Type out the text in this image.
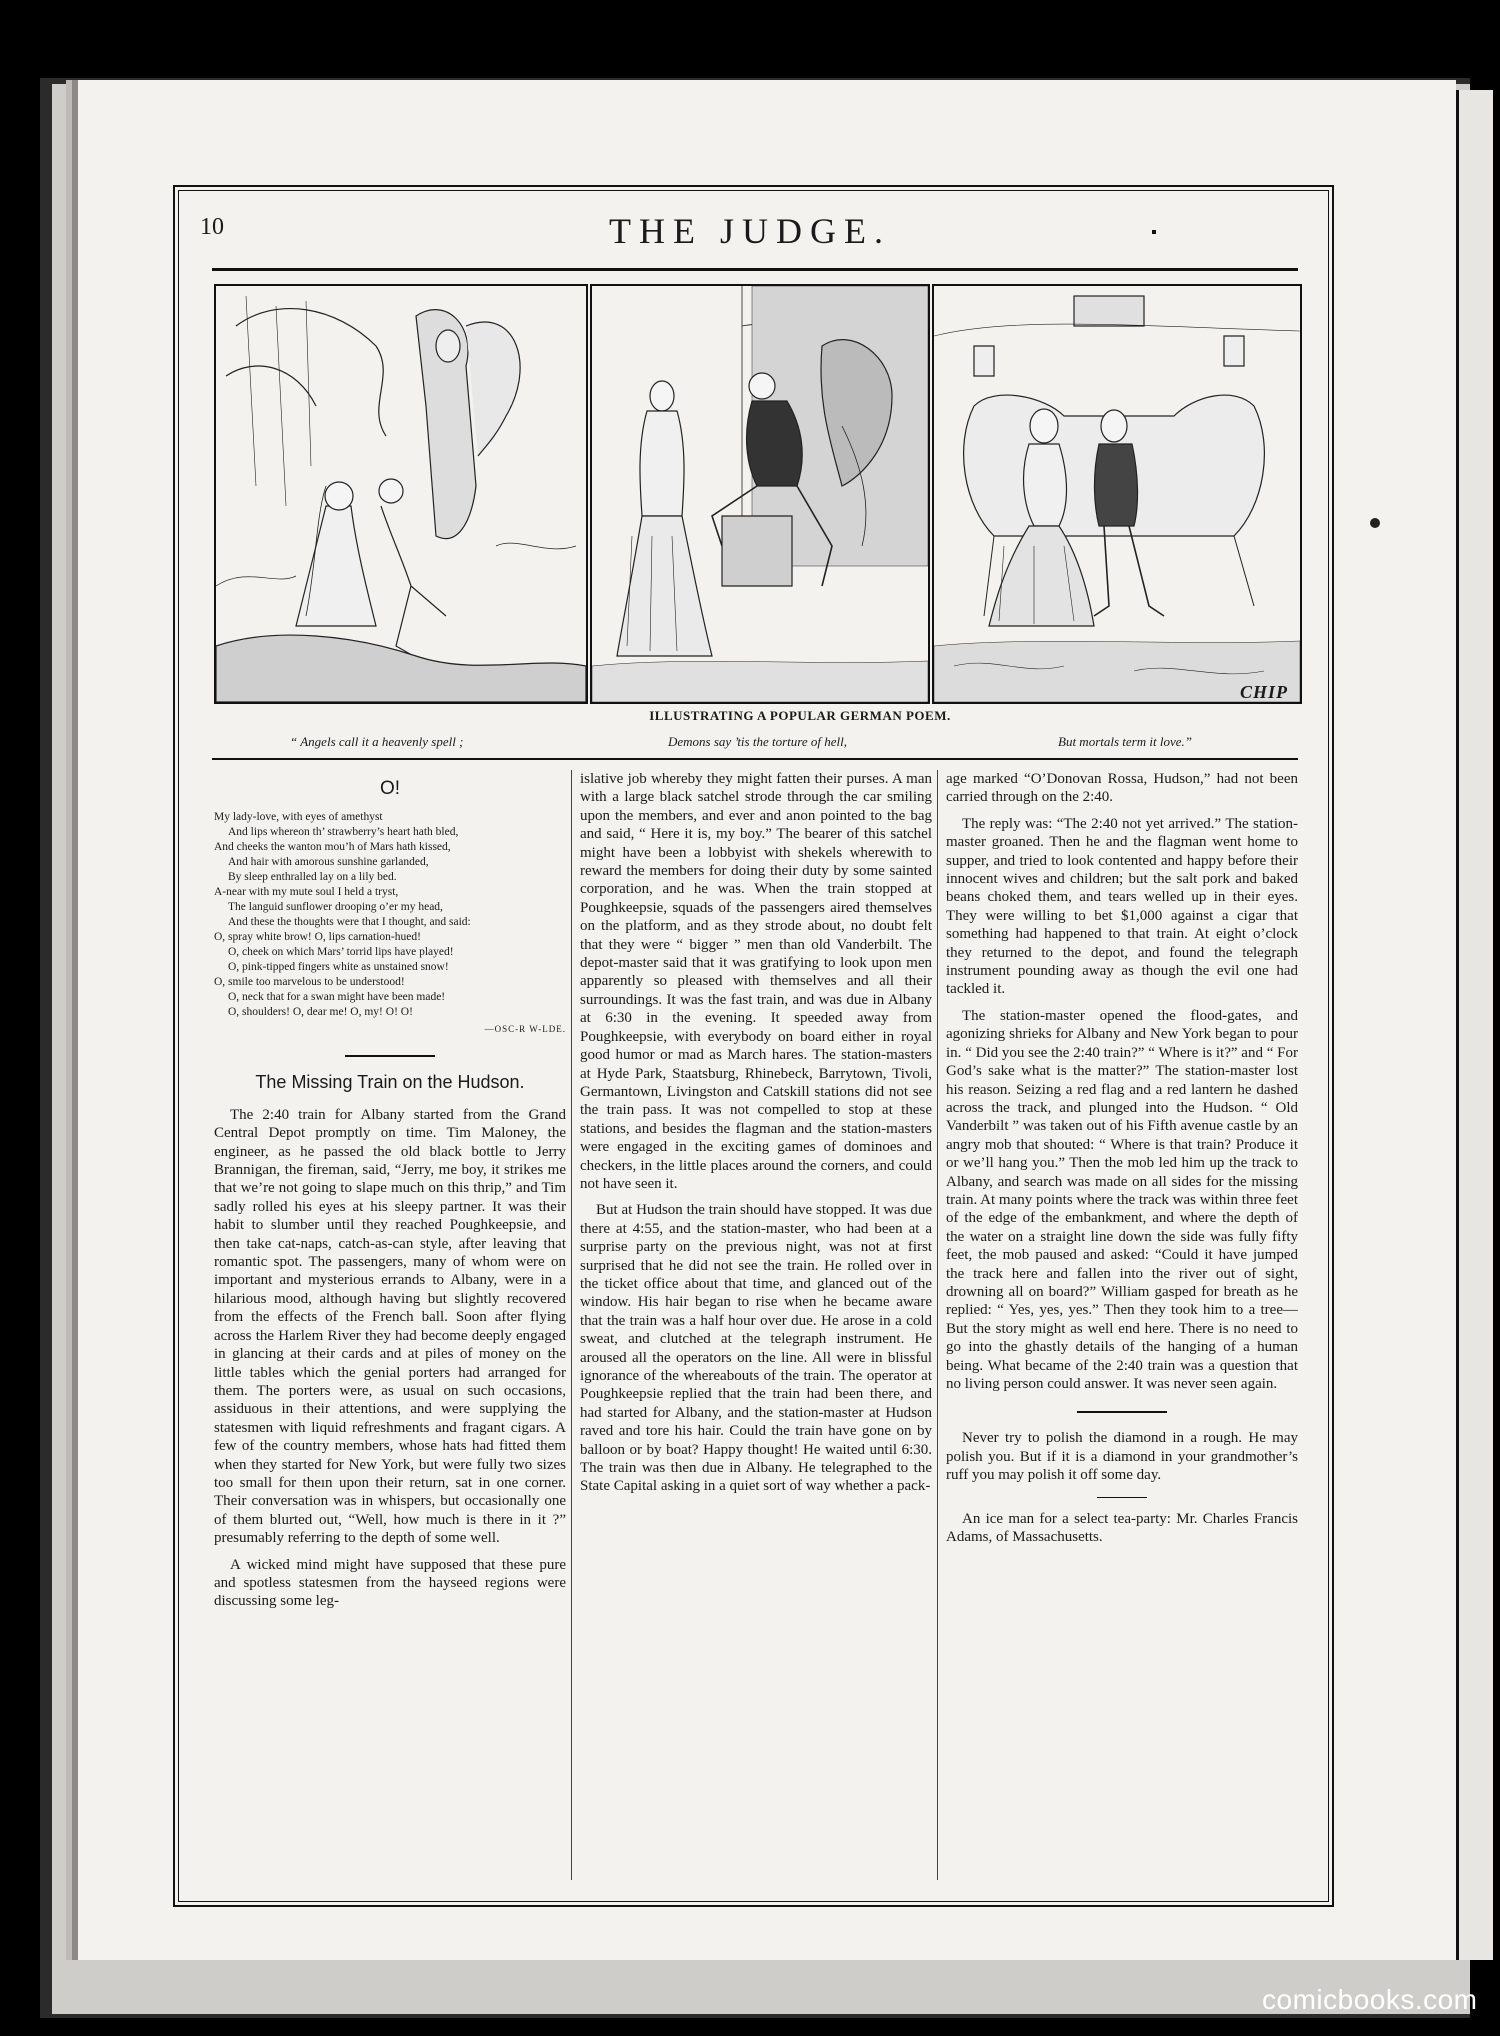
10	THE JUDGE.
CHIP
ILLUSTRATING A POPULAR GERMAN POEM.
“ Angels call it a heavenly spell ;	Demons say ’tis the torture of hell,	But mortals term it love.”
O!
My lady-love, with eyes of amethyst
And lips whereon th’ strawberry’s heart hath bled,
And cheeks the wanton mou’h of Mars hath kissed,
And hair with amorous sunshine garlanded,
By sleep enthralled lay on a lily bed.
A-near with my mute soul I held a tryst,
The languid sunflower drooping o’er my head,
And these the thoughts were that I thought, and said:
O, spray white brow! O, lips carnation-hued!
O, cheek on which Mars’ torrid lips have played!
O, pink-tipped fingers white as unstained snow!
O, smile too marvelous to be understood!
O, neck that for a swan might have been made!
O, shoulders! O, dear me! O, my! O! O!
—OSC-R W-LDE.
The Missing Train on the Hudson.

The 2:40 train for Albany started from the Grand Central Depot promptly on time. Tim Maloney, the engineer, as he passed the old black bottle to Jerry Brannigan, the fireman, said, “Jerry, me boy, it strikes me that we’re not going to slape much on this thrip,” and Tim sadly rolled his eyes at his sleepy partner. It was their habit to slumber until they reached Poughkeepsie, and then take cat-naps, catch-as-can style, after leaving that romantic spot. The passengers, many of whom were on important and mysterious errands to Albany, were in a hilarious mood, although having but slightly recovered from the effects of the French ball. Soon after flying across the Harlem River they had become deeply engaged in glancing at their cards and at piles of money on the little tables which the genial porters had arranged for them. The porters were, as usual on such occasions, assiduous in their attentions, and were supplying the statesmen with liquid refreshments and fragant cigars. A few of the country members, whose hats had fitted them when they started for New York, but were fully two sizes too small for theın upon their return, sat in one corner. Their conversation was in whispers, but occasionally one of them blurted out, “Well, how much is there in it ?” presumably referring to the depth of some well.

A wicked mind might have supposed that these pure and spotless statesmen from the hayseed regions were discussing some leg-

islative job whereby they might fatten their purses. A man with a large black satchel strode through the car smiling upon the members, and ever and anon pointed to the bag and said, “ Here it is, my boy.” The bearer of this satchel might have been a lobbyist with shekels wherewith to reward the members for doing their duty by some sainted corporation, and he was. When the train stopped at Poughkeepsie, squads of the passengers aired themselves on the platform, and as they strode about, no doubt felt that they were “ bigger ” men than old Vanderbilt. The depot-master said that it was gratifying to look upon men apparently so pleased with themselves and all their surroundings. It was the fast train, and was due in Albany at 6:30 in the evening. It speeded away from Poughkeepsie, with everybody on board either in royal good humor or mad as March hares. The station-masters at Hyde Park, Staatsburg, Rhinebeck, Barrytown, Tivoli, Germantown, Livingston and Catskill stations did not see the train pass. It was not compelled to stop at these stations, and besides the flagman and the station-masters were engaged in the exciting games of dominoes and checkers, in the little places around the corners, and could not have seen it.

But at Hudson the train should have stopped. It was due there at 4:55, and the station-master, who had been at a surprise party on the previous night, was not at first surprised that he did not see the train. He rolled over in the ticket office about that time, and glanced out of the window. His hair began to rise when he became aware that the train was a half hour over due. He arose in a cold sweat, and clutched at the telegraph instrument. He aroused all the operators on the line. All were in blissful ignorance of the whereabouts of the train. The operator at Poughkeepsie replied that the train had been there, and had started for Albany, and the station-master at Hudson raved and tore his hair. Could the train have gone on by balloon or by boat? Happy thought! He waited until 6:30. The train was then due in Albany. He telegraphed to the State Capital asking in a quiet sort of way whether a pack-

age marked “O’Donovan Rossa, Hudson,” had not been carried through on the 2:40.

The reply was: “The 2:40 not yet arrived.” The station-master groaned. Then he and the flagman went home to supper, and tried to look contented and happy before their innocent wives and children; but the salt pork and baked beans choked them, and tears welled up in their eyes. They were willing to bet $1,000 against a cigar that something had happened to that train. At eight o’clock they returned to the depot, and found the telegraph instrument pounding away as though the evil one had tackled it.

The station-master opened the flood-gates, and agonizing shrieks for Albany and New York began to pour in. “ Did you see the 2:40 train?” “ Where is it?” and “ For God’s sake what is the matter?” The station-master lost his reason. Seizing a red flag and a red lantern he dashed across the track, and plunged into the Hudson. “ Old Vanderbilt ” was taken out of his Fifth avenue castle by an angry mob that shouted: “ Where is that train? Produce it or we’ll hang you.” Then the mob led him up the track to Albany, and search was made on all sides for the missing train. At many points where the track was within three feet of the edge of the embankment, and where the depth of the water on a straight line down the side was fully fifty feet, the mob paused and asked: “Could it have jumped the track here and fallen into the river out of sight, drowning all on board?” William gasped for breath as he replied: “ Yes, yes, yes.” Then they took him to a tree— But the story might as well end here. There is no need to go into the ghastly details of the hanging of a human being. What became of the 2:40 train was a question that no living person could answer. It was never seen again.

Never try to polish the diamond in a rough. He may polish you. But if it is a diamond in your grandmother’s ruff you may polish it off some day.

An ice man for a select tea-party: Mr. Charles Francis Adams, of Massachusetts.

comicbooks.com
